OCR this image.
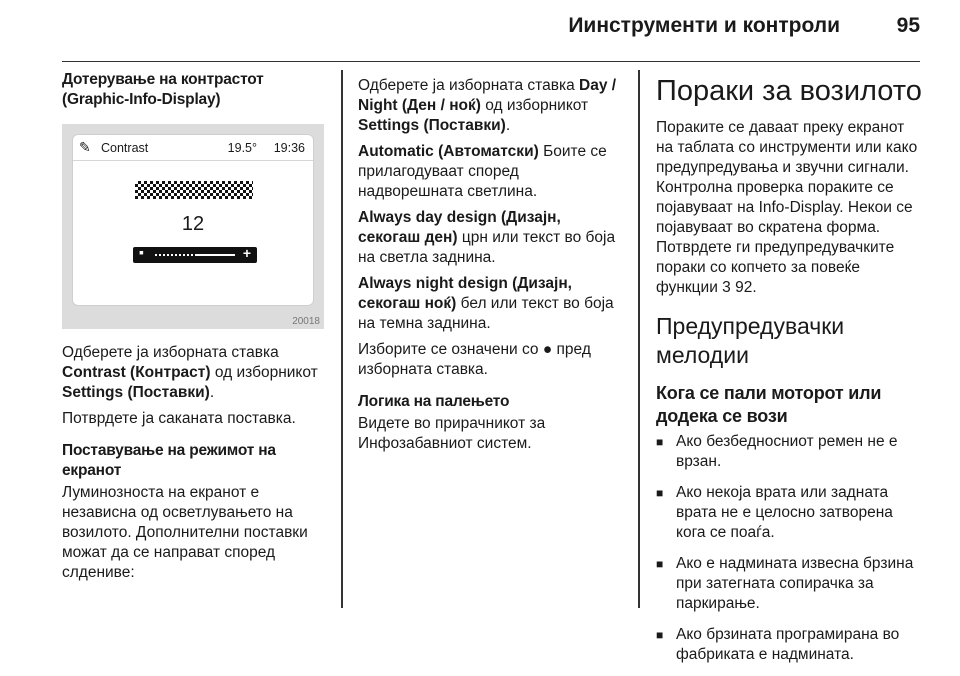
Иинструменти и контроли	95
Дотерување на контрастот (Graphic-Info-Display)
✎ Contrast	19.5° 19:36
12
▪	+
20018
Одберете ја изборната ставка Contrast (Контраст) од изборникот Settings (Поставки).
Потврдете ја саканата поставка.
Поставување на режимот на екранот
Луминозноста на екранот е независна од осветлувањето на возилото. Дополнителни поставки можат да се направат според слдениве:
Одберете ја изборната ставка Day / Night (Ден / ноќ) од изборникот Settings (Поставки).
Automatic (Автоматски) Боите се прилагодуваат според надворешната светлина.
Always day design (Дизајн, секогаш ден) црн или текст во боја на светла заднина.
Always night design (Дизајн, секогаш ноќ) бел или текст во боја на темна заднина.
Изборите се означени со ● пред изборната ставка.
Логика на палењето
Видете во прирачникот за Инфозабавниот систем.
Пораки за возилото
Пораките се даваат преку екранот на таблата со инструменти или како предупредувања и звучни сигнали. Контролна проверка пораките се појавуваат на Info-Display. Некои се појавуваат во скратена форма. Потврдете ги предупредувачките пораки со копчето за повеќе функции 3 92.
Предупредувачки мелодии
Кога се пали моторот или додека се вози
■ Ако безбедносниот ремен не е врзан.
■ Ако некоја врата или задната врата не е целосно затворена кога се поаѓа.
■ Ако е надмината извесна брзина при затегната сопирачка за паркирање.
■ Ако брзината програмирана во фабриката е надмината.
